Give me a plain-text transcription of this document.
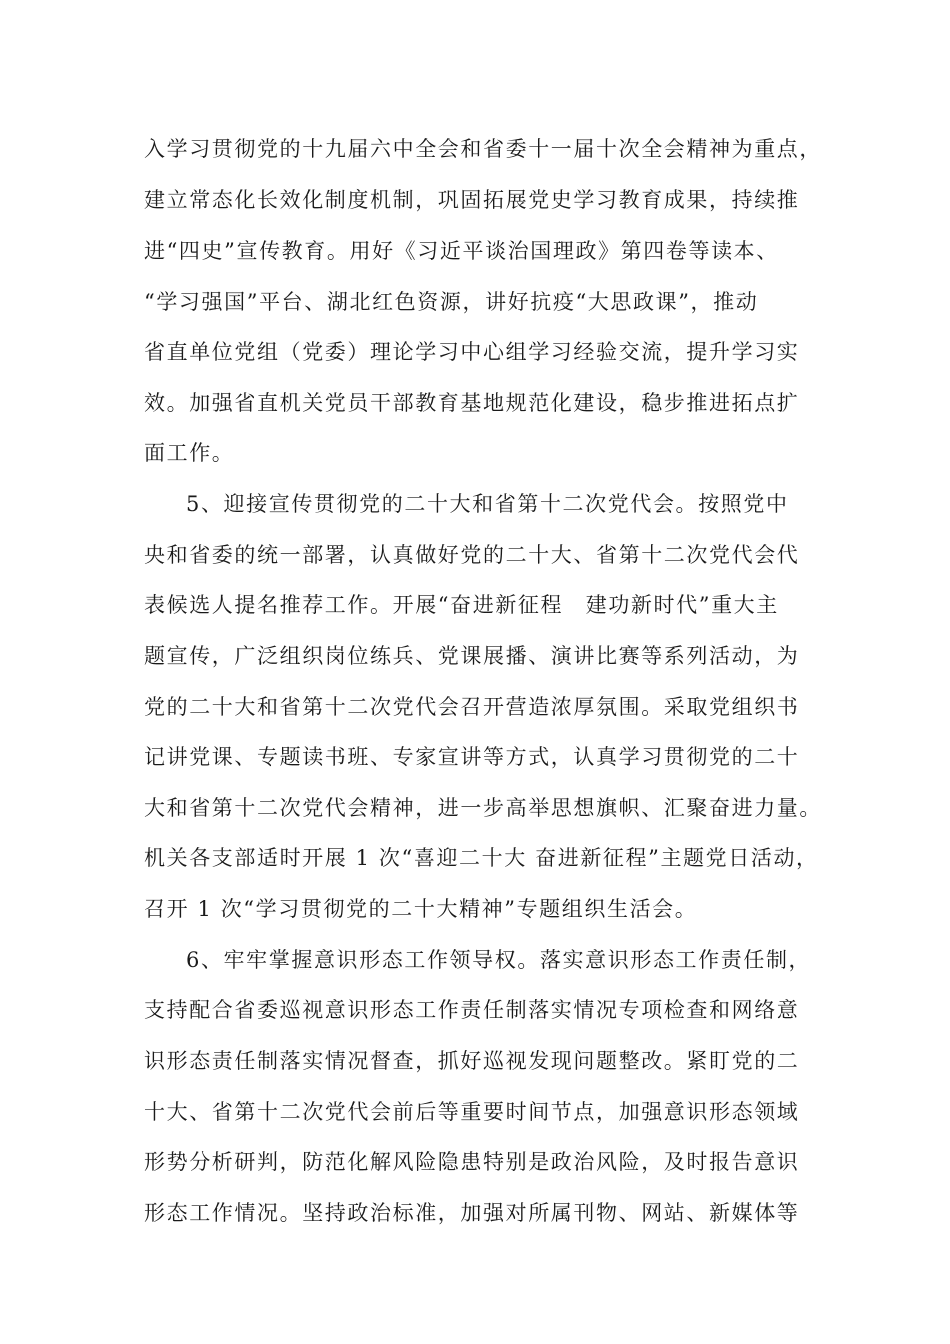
入学习贯彻党的十九届六中全会和省委十一届十次全会精神为重点，
建立常态化长效化制度机制，巩固拓展党史学习教育成果，持续推
进“四史”宣传教育。用好《习近平谈治国理政》第四卷等读本、
“学习强国”平台、湖北红色资源，讲好抗疫“大思政课”，推动
省直单位党组（党委）理论学习中心组学习经验交流，提升学习实
效。加强省直机关党员干部教育基地规范化建设，稳步推进拓点扩
面工作。
5、迎接宣传贯彻党的二十大和省第十二次党代会。按照党中
央和省委的统一部署，认真做好党的二十大、省第十二次党代会代
表候选人提名推荐工作。开展“奋进新征程　建功新时代”重大主
题宣传，广泛组织岗位练兵、党课展播、演讲比赛等系列活动，为
党的二十大和省第十二次党代会召开营造浓厚氛围。采取党组织书
记讲党课、专题读书班、专家宣讲等方式，认真学习贯彻党的二十
大和省第十二次党代会精神，进一步高举思想旗帜、汇聚奋进力量。
机关各支部适时开展 1 次“喜迎二十大 奋进新征程”主题党日活动，
召开 1 次“学习贯彻党的二十大精神”专题组织生活会。
6、牢牢掌握意识形态工作领导权。落实意识形态工作责任制，
支持配合省委巡视意识形态工作责任制落实情况专项检查和网络意
识形态责任制落实情况督查，抓好巡视发现问题整改。紧盯党的二
十大、省第十二次党代会前后等重要时间节点，加强意识形态领域
形势分析研判，防范化解风险隐患特别是政治风险，及时报告意识
形态工作情况。坚持政治标准，加强对所属刊物、网站、新媒体等
